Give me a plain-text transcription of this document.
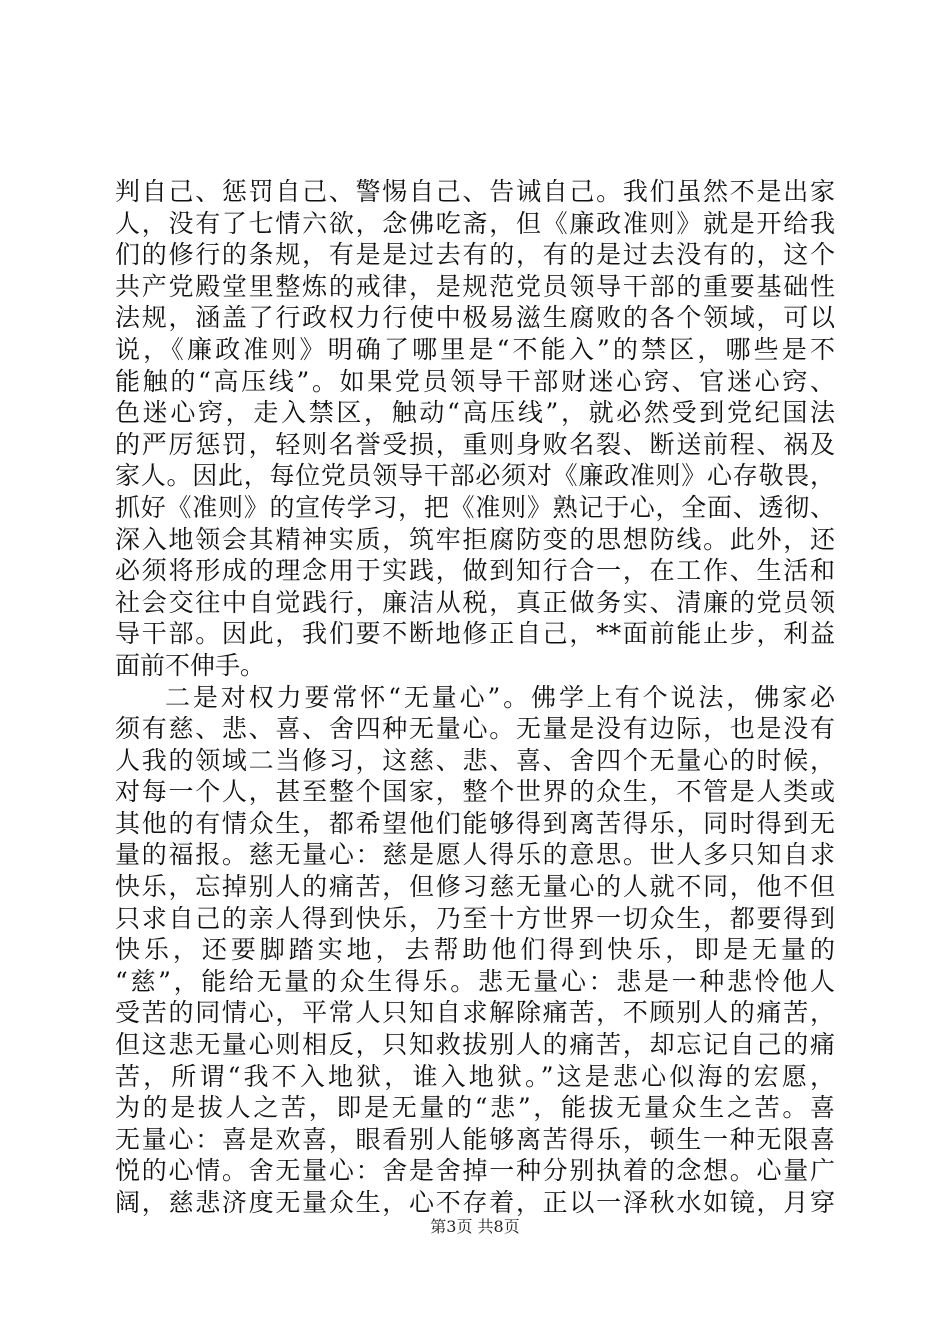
判自己、惩罚自己、警惕自己、告诫自己。我们虽然不是出家
人，没有了七情六欲，念佛吃斋，但《廉政准则》就是开给我
们的修行的条规，有是是过去有的，有的是过去没有的，这个
共产党殿堂里整炼的戒律，是规范党员领导干部的重要基础性
法规，涵盖了行政权力行使中极易滋生腐败的各个领域，可以
说，《廉政准则》明确了哪里是“不能入”的禁区，哪些是不
能触的“高压线”。如果党员领导干部财迷心窍、官迷心窍、
色迷心窍，走入禁区，触动“高压线”，就必然受到党纪国法
的严厉惩罚，轻则名誉受损，重则身败名裂、断送前程、祸及
家人。因此，每位党员领导干部必须对《廉政准则》心存敬畏，
抓好《准则》的宣传学习，把《准则》熟记于心，全面、透彻、
深入地领会其精神实质，筑牢拒腐防变的思想防线。此外，还
必须将形成的理念用于实践，做到知行合一，在工作、生活和
社会交往中自觉践行，廉洁从税，真正做务实、清廉的党员领
导干部。因此，我们要不断地修正自己，**面前能止步，利益
面前不伸手。
二是对权力要常怀“无量心”。佛学上有个说法，佛家必
须有慈、悲、喜、舍四种无量心。无量是没有边际，也是没有
人我的领域二当修习，这慈、悲、喜、舍四个无量心的时候，
对每一个人，甚至整个国家，整个世界的众生，不管是人类或
其他的有情众生，都希望他们能够得到离苦得乐，同时得到无
量的福报。慈无量心：慈是愿人得乐的意思。世人多只知自求
快乐，忘掉别人的痛苦，但修习慈无量心的人就不同，他不但
只求自己的亲人得到快乐，乃至十方世界一切众生，都要得到
快乐，还要脚踏实地，去帮助他们得到快乐，即是无量的
“慈”，能给无量的众生得乐。悲无量心：悲是一种悲怜他人
受苦的同情心，平常人只知自求解除痛苦，不顾别人的痛苦，
但这悲无量心则相反，只知救拔别人的痛苦，却忘记自己的痛
苦，所谓“我不入地狱，谁入地狱。”这是悲心似海的宏愿，
为的是拔人之苦，即是无量的“悲”，能拔无量众生之苦。喜
无量心：喜是欢喜，眼看别人能够离苦得乐，顿生一种无限喜
悦的心情。舍无量心：舍是舍掉一种分别执着的念想。心量广
阔，慈悲济度无量众生，心不存着，正以一泽秋水如镜，月穿
第3页 共8页
